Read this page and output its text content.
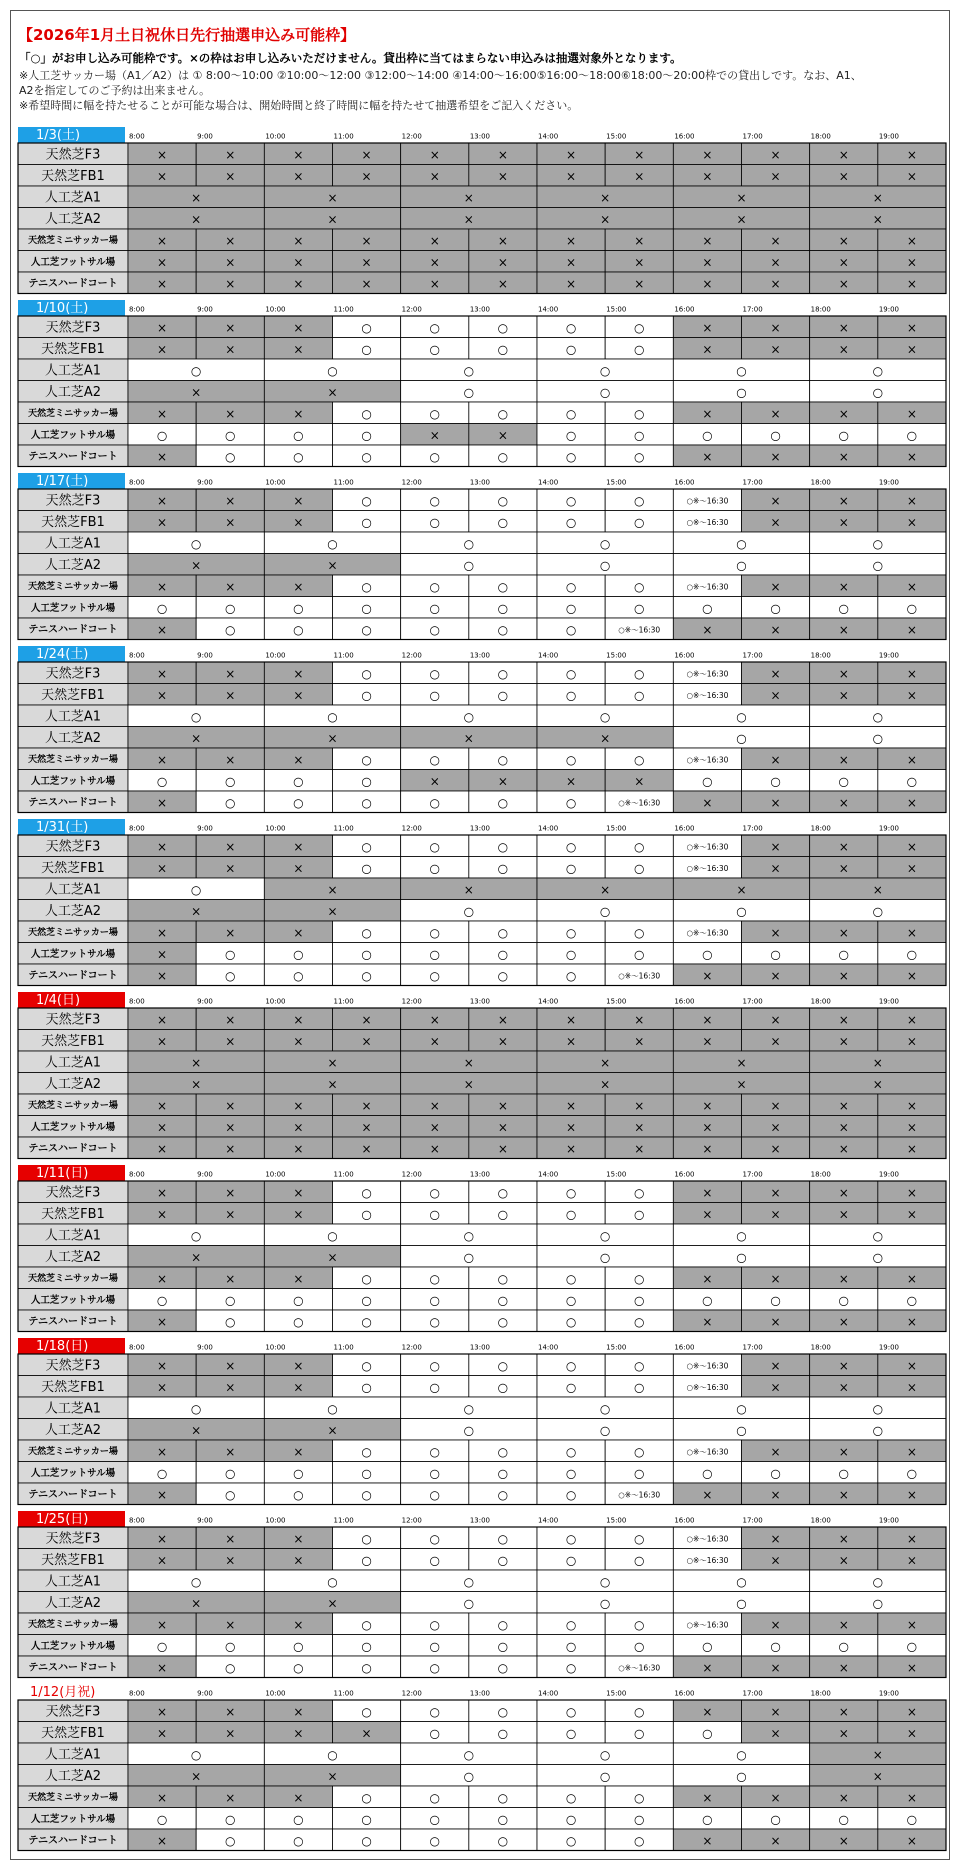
【2026年1月土日祝休日先行抽選申込み可能枠】
「○」がお申し込み可能枠です。×の枠はお申し込みいただけません。貸出枠に当てはまらない申込みは抽選対象外となります。
※人工芝サッカー場（A1／A2）は ① 8:00～10:00 ②10:00～12:00 ③12:00～14:00 ④14:00～16:00⑤16:00～18:00⑥18:00～20:00枠での貸出しです。なお、A1、
A2を指定してのご予約は出来ません。
※希望時間に幅を持たせることが可能な場合は、開始時間と終了時間に幅を持たせて抽選希望をご記入ください。
1/3(土)	8:00	9:00	10:00	11:00	12:00	13:00	14:00	15:00	16:00	17:00	18:00	19:00
天然芝F3	×	×	×	×	×	×	×	×	×	×	×	×
天然芝FB1	×	×	×	×	×	×	×	×	×	×	×	×
人工芝A1	×	×	×	×	×	×
人工芝A2	×	×	×	×	×	×
天然芝ミニサッカー場	×	×	×	×	×	×	×	×	×	×	×	×
人工芝フットサル場	×	×	×	×	×	×	×	×	×	×	×	×
テニスハードコート	×	×	×	×	×	×	×	×	×	×	×	×
1/10(土)	8:00	9:00	10:00	11:00	12:00	13:00	14:00	15:00	16:00	17:00	18:00	19:00
天然芝F3	×	×	×	○	○	○	○	○	×	×	×	×
天然芝FB1	×	×	×	○	○	○	○	○	×	×	×	×
人工芝A1	○	○	○	○	○	○
人工芝A2	×	×	○	○	○	○
天然芝ミニサッカー場	×	×	×	○	○	○	○	○	×	×	×	×
人工芝フットサル場	○	○	○	○	×	×	○	○	○	○	○	○
テニスハードコート	×	○	○	○	○	○	○	○	×	×	×	×
1/17(土)	8:00	9:00	10:00	11:00	12:00	13:00	14:00	15:00	16:00	17:00	18:00	19:00
天然芝F3	×	×	×	○	○	○	○	○	○※～16:30	×	×	×
天然芝FB1	×	×	×	○	○	○	○	○	○※～16:30	×	×	×
人工芝A1	○	○	○	○	○	○
人工芝A2	×	×	○	○	○	○
天然芝ミニサッカー場	×	×	×	○	○	○	○	○	○※～16:30	×	×	×
人工芝フットサル場	○	○	○	○	○	○	○	○	○	○	○	○
テニスハードコート	×	○	○	○	○	○	○	○※～16:30	×	×	×	×
1/24(土)	8:00	9:00	10:00	11:00	12:00	13:00	14:00	15:00	16:00	17:00	18:00	19:00
天然芝F3	×	×	×	○	○	○	○	○	○※～16:30	×	×	×
天然芝FB1	×	×	×	○	○	○	○	○	○※～16:30	×	×	×
人工芝A1	○	○	○	○	○	○
人工芝A2	×	×	×	×	○	○
天然芝ミニサッカー場	×	×	×	○	○	○	○	○	○※～16:30	×	×	×
人工芝フットサル場	○	○	○	○	×	×	×	×	○	○	○	○
テニスハードコート	×	○	○	○	○	○	○	○※～16:30	×	×	×	×
1/31(土)	8:00	9:00	10:00	11:00	12:00	13:00	14:00	15:00	16:00	17:00	18:00	19:00
天然芝F3	×	×	×	○	○	○	○	○	○※～16:30	×	×	×
天然芝FB1	×	×	×	○	○	○	○	○	○※～16:30	×	×	×
人工芝A1	○	×	×	×	×	×
人工芝A2	×	×	○	○	○	○
天然芝ミニサッカー場	×	×	×	○	○	○	○	○	○※～16:30	×	×	×
人工芝フットサル場	×	○	○	○	○	○	○	○	○	○	○	○
テニスハードコート	×	○	○	○	○	○	○	○※～16:30	×	×	×	×
1/4(日)	8:00	9:00	10:00	11:00	12:00	13:00	14:00	15:00	16:00	17:00	18:00	19:00
天然芝F3	×	×	×	×	×	×	×	×	×	×	×	×
天然芝FB1	×	×	×	×	×	×	×	×	×	×	×	×
人工芝A1	×	×	×	×	×	×
人工芝A2	×	×	×	×	×	×
天然芝ミニサッカー場	×	×	×	×	×	×	×	×	×	×	×	×
人工芝フットサル場	×	×	×	×	×	×	×	×	×	×	×	×
テニスハードコート	×	×	×	×	×	×	×	×	×	×	×	×
1/11(日)	8:00	9:00	10:00	11:00	12:00	13:00	14:00	15:00	16:00	17:00	18:00	19:00
天然芝F3	×	×	×	○	○	○	○	○	×	×	×	×
天然芝FB1	×	×	×	○	○	○	○	○	×	×	×	×
人工芝A1	○	○	○	○	○	○
人工芝A2	×	×	○	○	○	○
天然芝ミニサッカー場	×	×	×	○	○	○	○	○	×	×	×	×
人工芝フットサル場	○	○	○	○	○	○	○	○	○	○	○	○
テニスハードコート	×	○	○	○	○	○	○	○	×	×	×	×
1/18(日)	8:00	9:00	10:00	11:00	12:00	13:00	14:00	15:00	16:00	17:00	18:00	19:00
天然芝F3	×	×	×	○	○	○	○	○	○※～16:30	×	×	×
天然芝FB1	×	×	×	○	○	○	○	○	○※～16:30	×	×	×
人工芝A1	○	○	○	○	○	○
人工芝A2	×	×	○	○	○	○
天然芝ミニサッカー場	×	×	×	○	○	○	○	○	○※～16:30	×	×	×
人工芝フットサル場	○	○	○	○	○	○	○	○	○	○	○	○
テニスハードコート	×	○	○	○	○	○	○	○※～16:30	×	×	×	×
1/25(日)	8:00	9:00	10:00	11:00	12:00	13:00	14:00	15:00	16:00	17:00	18:00	19:00
天然芝F3	×	×	×	○	○	○	○	○	○※～16:30	×	×	×
天然芝FB1	×	×	×	○	○	○	○	○	○※～16:30	×	×	×
人工芝A1	○	○	○	○	○	○
人工芝A2	×	×	○	○	○	○
天然芝ミニサッカー場	×	×	×	○	○	○	○	○	○※～16:30	×	×	×
人工芝フットサル場	○	○	○	○	○	○	○	○	○	○	○	○
テニスハードコート	×	○	○	○	○	○	○	○※～16:30	×	×	×	×
1/12(月祝)	8:00	9:00	10:00	11:00	12:00	13:00	14:00	15:00	16:00	17:00	18:00	19:00
天然芝F3	×	×	×	○	○	○	○	○	×	×	×	×
天然芝FB1	×	×	×	×	○	○	○	○	○	×	×	×
人工芝A1	○	○	○	○	○	×
人工芝A2	×	×	○	○	○	×
天然芝ミニサッカー場	×	×	×	○	○	○	○	○	×	×	×	×
人工芝フットサル場	○	○	○	○	○	○	○	○	○	○	○	○
テニスハードコート	×	○	○	○	○	○	○	○	×	×	×	×
